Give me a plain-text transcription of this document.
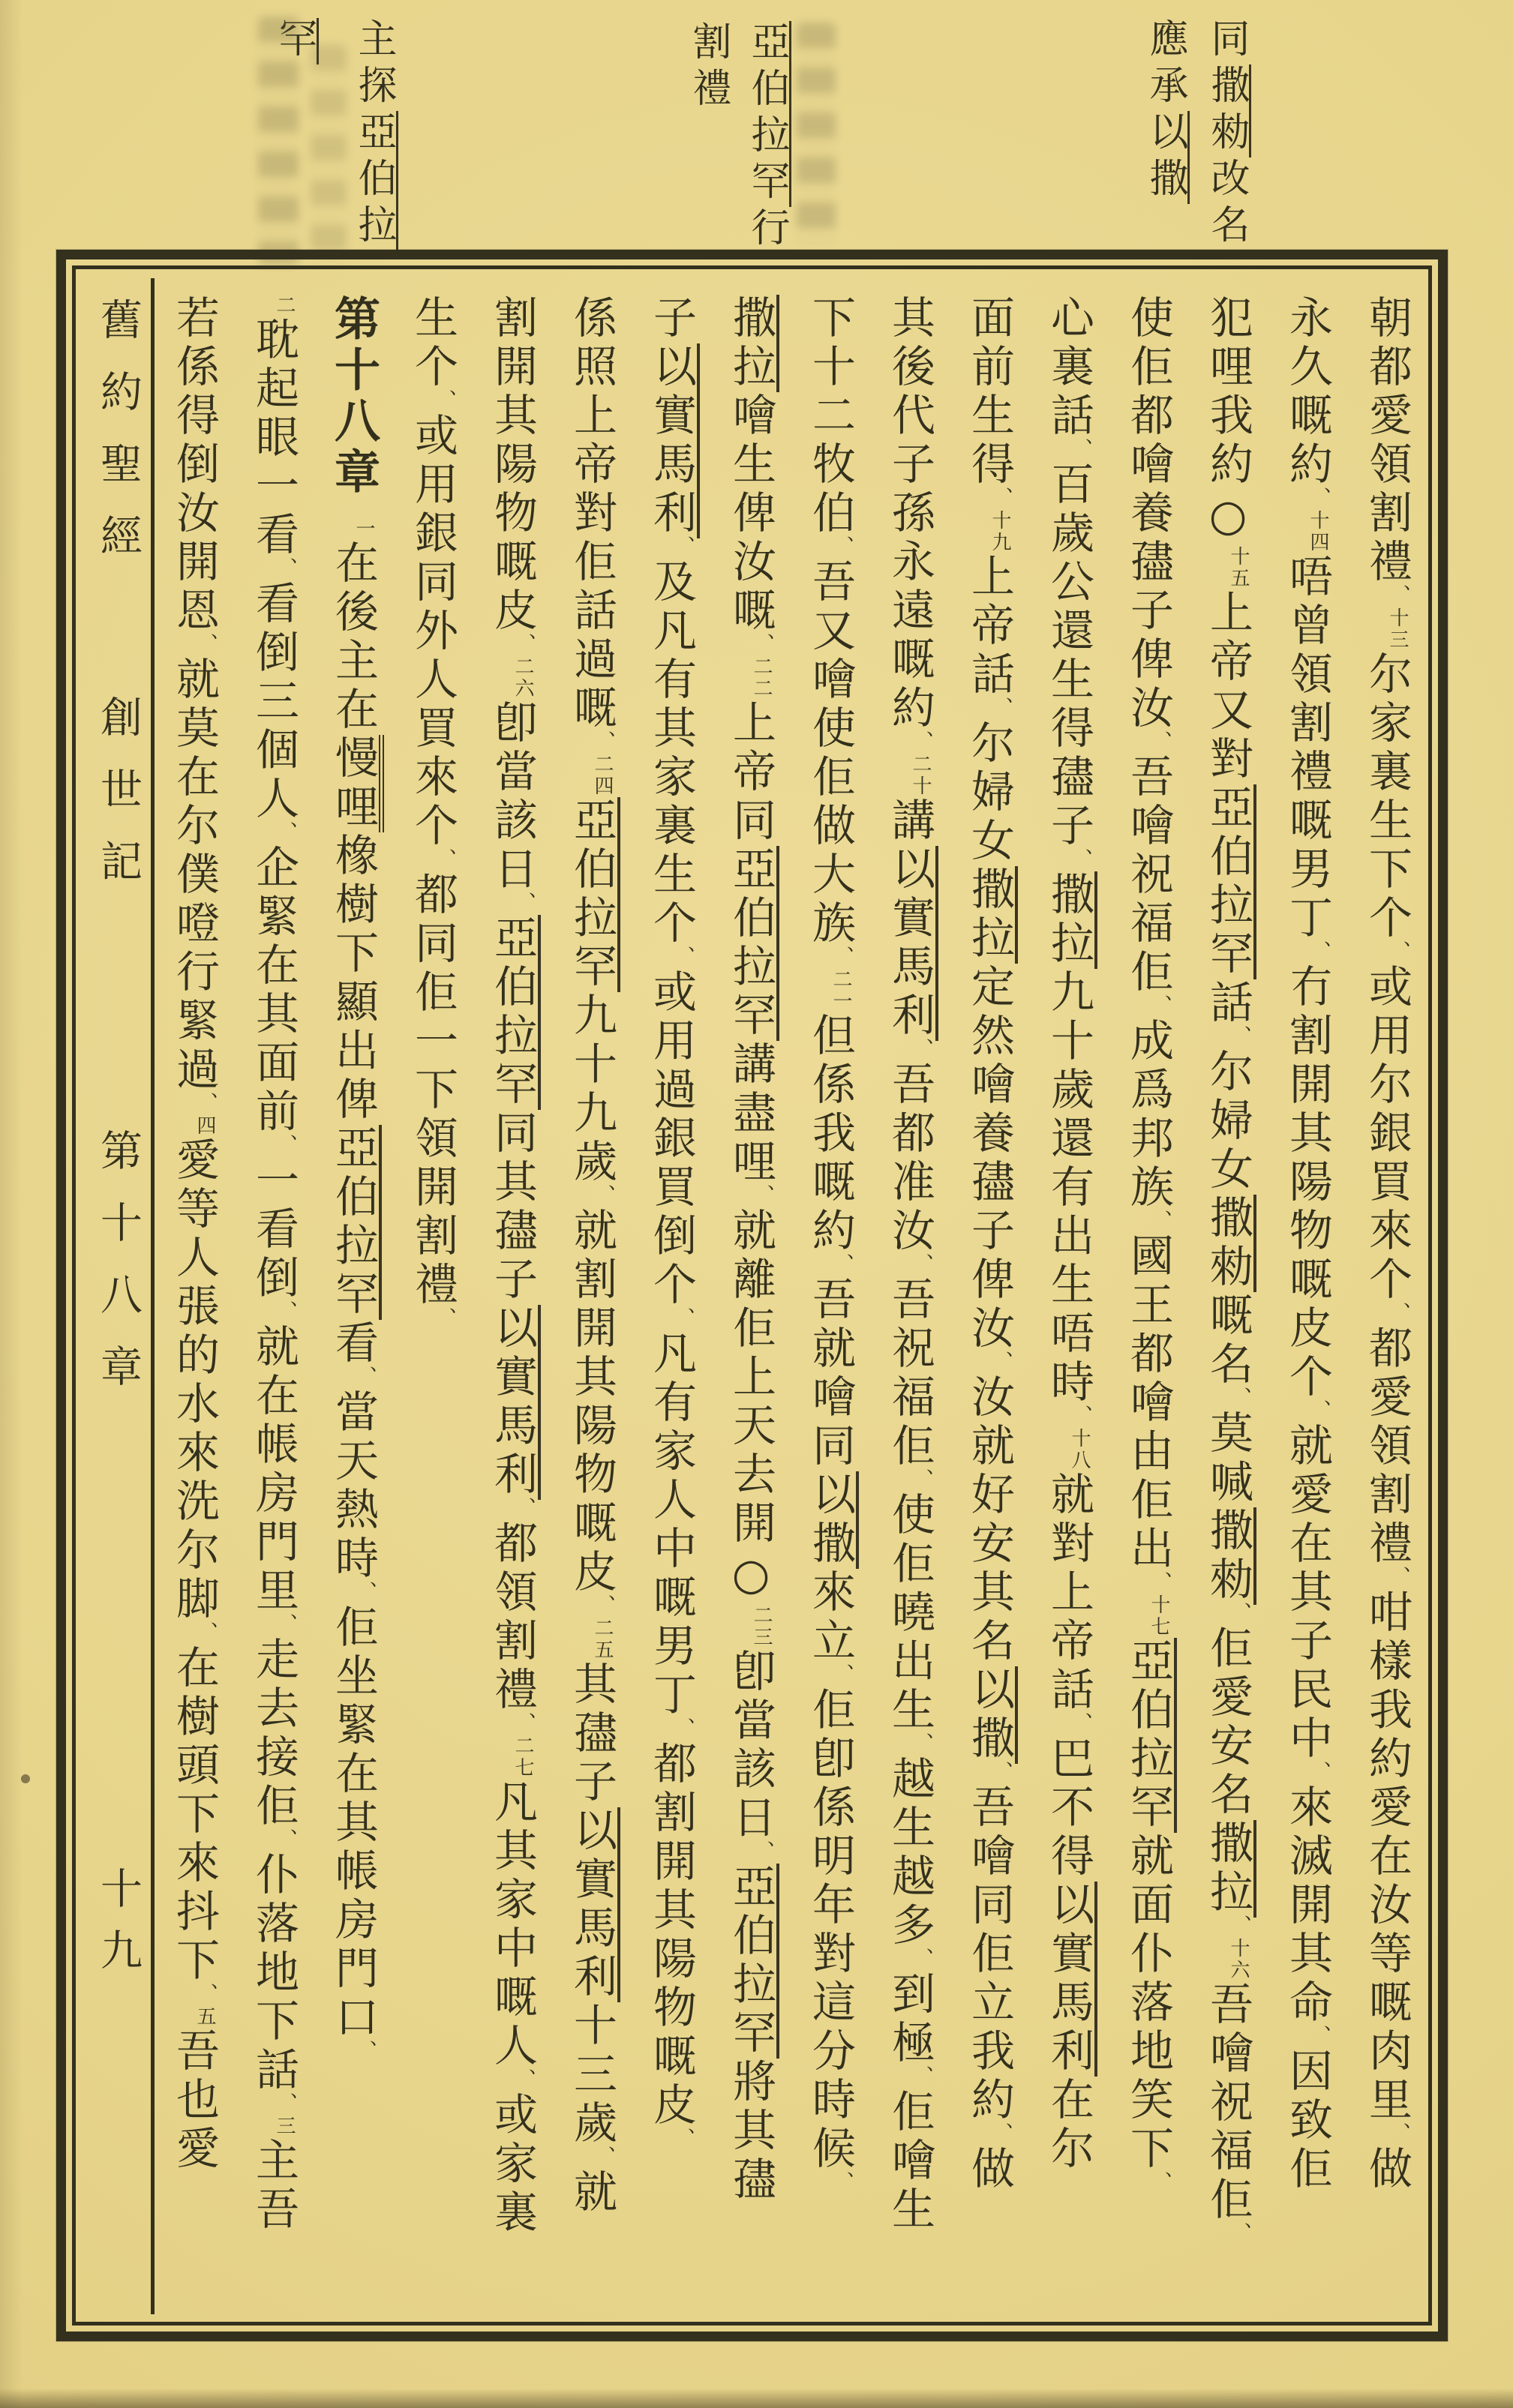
同撒勑改名
應承以撒
亞伯拉罕行
割禮
主探亞伯拉
罕
朝都愛領割禮、十三尔家裏生下个、或用尔銀買來个、都愛領割禮、咁樣我約愛在汝等嘅肉里、做
永久嘅約、十四唔曾領割禮嘅男丁、冇割開其陽物嘅皮个、就愛在其子民中、來滅開其命、因致佢
犯哩我約○十五上帝又對亞伯拉罕話、尔婦女撒勑嘅名、莫喊撒勑、佢愛安名撒拉、十六吾噲祝福佢、
使佢都噲養孻子俾汝、吾噲祝福佢、成爲邦族、國王都噲由佢出、十七亞伯拉罕就面仆落地笑下、
心裏話、百歲公還生得孻子、撒拉九十歲還有出生唔時、十八就對上帝話、巴不得以實馬利在尔
面前生得、十九上帝話、尔婦女撒拉定然噲養孻子俾汝、汝就好安其名以撒、吾噲同佢立我約、做
其後代子孫永遠嘅約、二十講以實馬利、吾都准汝、吾祝福佢、使佢曉出生、越生越多、到極、佢噲生
下十二牧伯、吾又噲使佢做大族、二一但係我嘅約、吾就噲同以撒來立、佢卽係明年對這分時候、
撒拉噲生俾汝嘅、二二上帝同亞伯拉罕講盡哩、就離佢上天去開○二三卽當該日、亞伯拉罕將其孻
子以實馬利、及凡有其家裏生个、或用過銀買倒个、凡有家人中嘅男丁、都割開其陽物嘅皮、
係照上帝對佢話過嘅、二四亞伯拉罕九十九歲、就割開其陽物嘅皮、二五其孻子以實馬利十三歲、就
割開其陽物嘅皮、二六卽當該日、亞伯拉罕同其孻子以實馬利、都領割禮、二七凡其家中嘅人、或家裏
生个、或用銀同外人買來个、都同佢一下領開割禮、
第十八章一在後主在慢哩橡樹下顯出俾亞伯拉罕看、當天熱時、佢坐緊在其帳房門口、
二耽起眼一看、看倒三個人、企緊在其面前、一看倒、就在帳房門里、走去接佢、仆落地下話、三主吾
若係得倒汝開恩、就莫在尔僕噔行緊過、四愛等人張的水來洗尔脚、在樹頭下來抖下、五吾也愛
舊約聖經創世記第十八章十九
